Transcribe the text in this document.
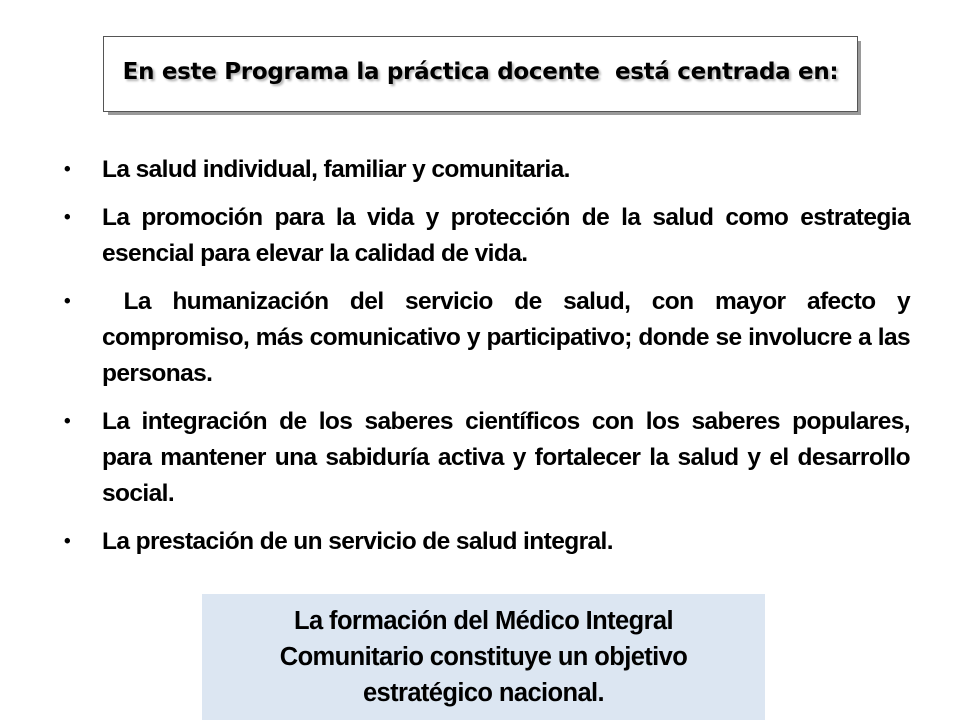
En este Programa la práctica docente  está centrada en:
• La salud individual, familiar y comunitaria.
• La promoción para la vida y protección de la salud como estrategia esencial para elevar la calidad de vida.
• La humanización del servicio de salud, con mayor afecto y compromiso, más comunicativo y participativo; donde se involucre a las personas.
• La integración de los saberes científicos con los saberes populares, para mantener una sabiduría activa y fortalecer la salud y el desarrollo social.
• La prestación de un servicio de salud integral.
La formación del Médico Integral Comunitario constituye un objetivo estratégico nacional.
